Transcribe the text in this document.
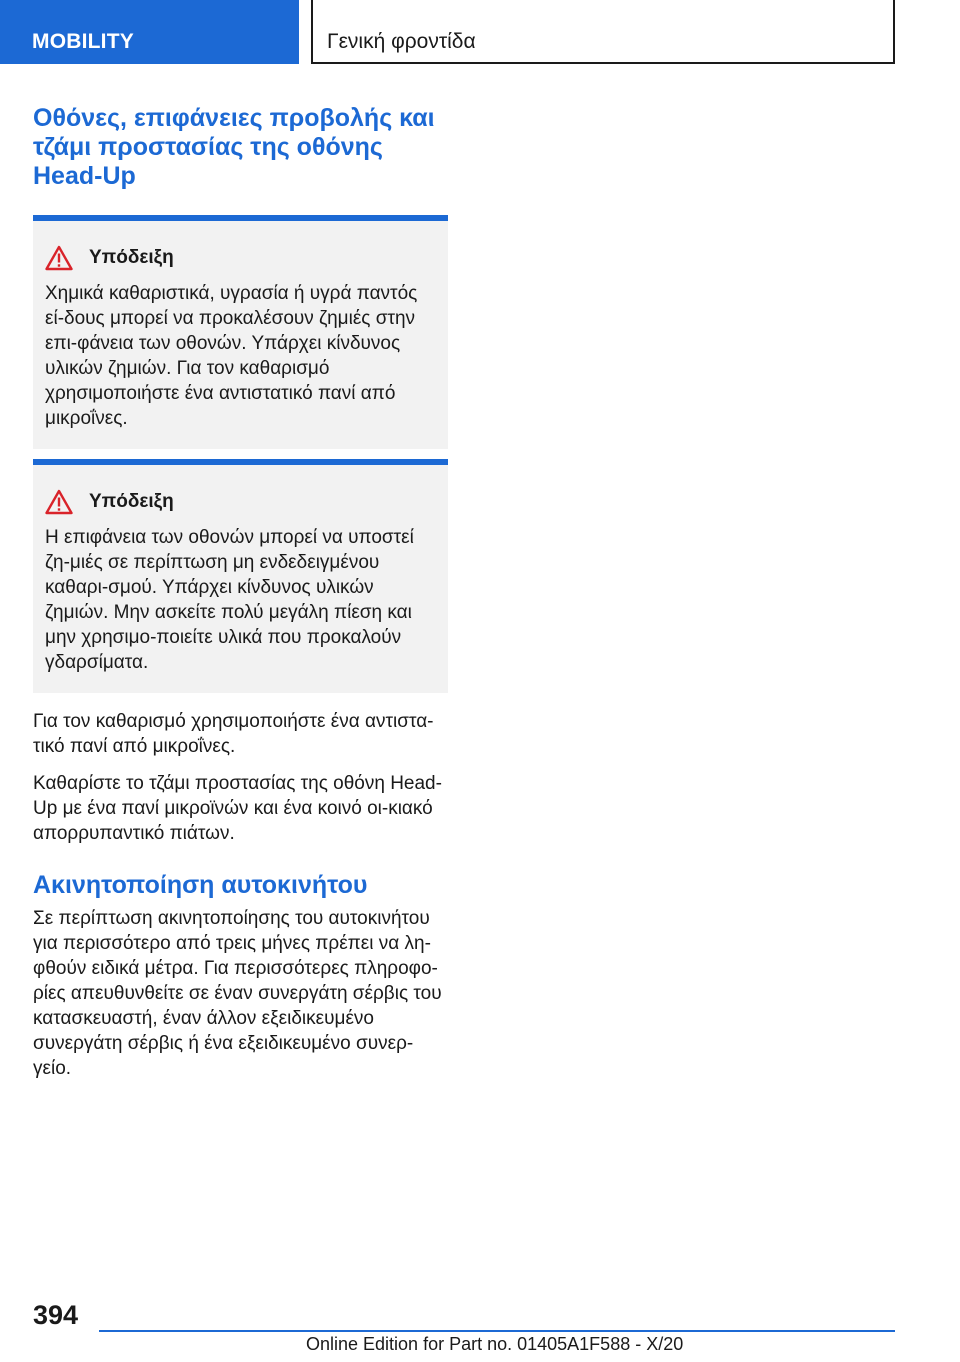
MOBILITY	Γενική φροντίδα
Οθόνες, επιφάνειες προβολής και τζάμι προστασίας της οθόνης Head-Up
Υπόδειξη

Χημικά καθαριστικά, υγρασία ή υγρά παντός εί-δους μπορεί να προκαλέσουν ζημιές στην επι-φάνεια των οθονών. Υπάρχει κίνδυνος υλικών ζημιών. Για τον καθαρισμό χρησιμοποιήστε ένα αντιστατικό πανί από μικροΐνες.

Υπόδειξη

Η επιφάνεια των οθονών μπορεί να υποστεί ζη-μιές σε περίπτωση μη ενδεδειγμένου καθαρι-σμού. Υπάρχει κίνδυνος υλικών ζημιών. Μην ασκείτε πολύ μεγάλη πίεση και μην χρησιμο-ποιείτε υλικά που προκαλούν γδαρσίματα.

Για τον καθαρισμό χρησιμοποιήστε ένα αντιστα-τικό πανί από μικροΐνες.

Καθαρίστε το τζάμι προστασίας της οθόνη Head-Up με ένα πανί μικροϊνών και ένα κοινό οι-κιακό απορρυπαντικό πιάτων.

Ακινητοποίηση αυτοκινήτου

Σε περίπτωση ακινητοποίησης του αυτοκινήτου για περισσότερο από τρεις μήνες πρέπει να λη-φθούν ειδικά μέτρα. Για περισσότερες πληροφο-ρίες απευθυνθείτε σε έναν συνεργάτη σέρβις του κατασκευαστή, έναν άλλον εξειδικευμένο συνεργάτη σέρβις ή ένα εξειδικευμένο συνερ-γείο.

394
Online Edition for Part no. 01405A1F588 - X/20
